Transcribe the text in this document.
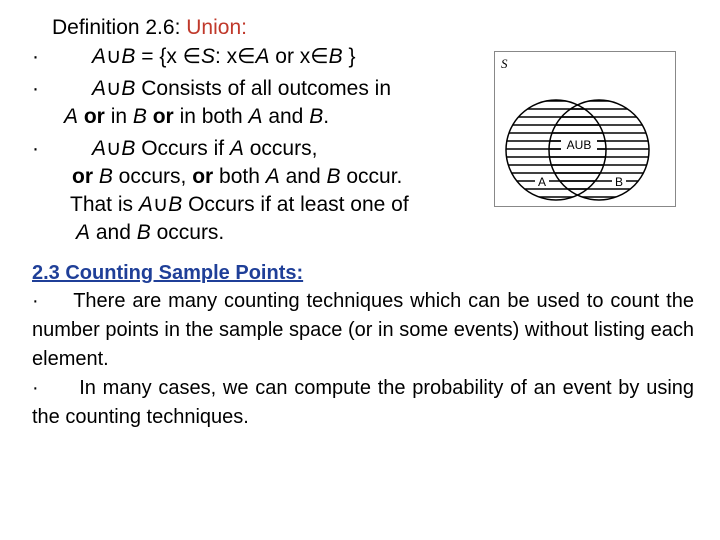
Definition 2.6: Union:
·	A∪B = {x ∈S: x∈A or x∈B }
·	A∪B Consists of all outcomes in
A or in B or in both A and B.
·	A∪B Occurs if A occurs,
or B occurs, or both A and B occur.
That is A∪B Occurs if at least one of
A and B occurs.
S
AUB
A	B
2.3 Counting Sample Points:
· There are many counting techniques which can be used to count the number points in the sample space (or in some events) without listing each element.
· In many cases, we can compute the probability of an event by using the counting techniques.
